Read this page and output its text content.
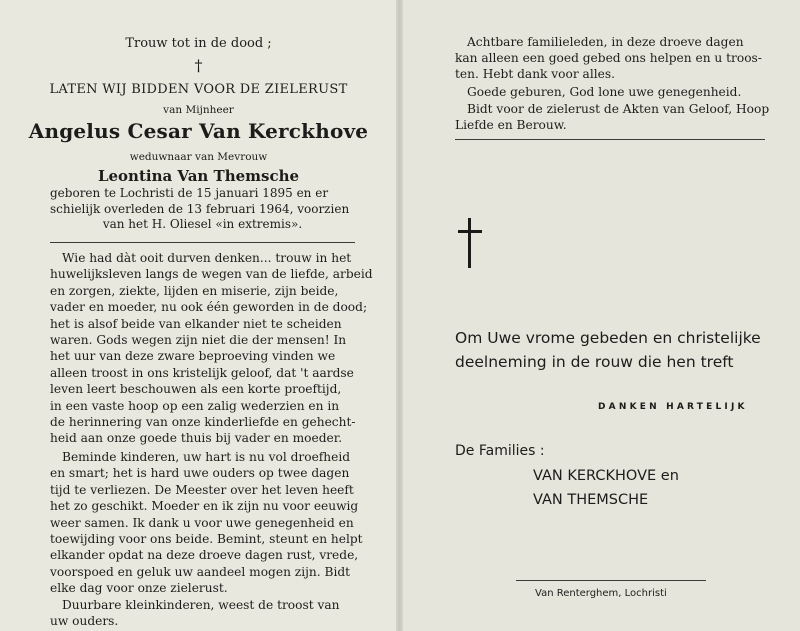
Trouw tot in de dood ;
†
LATEN WIJ BIDDEN VOOR DE ZIELERUST
van Mijnheer
Angelus Cesar Van Kerckhove
weduwnaar van Mevrouw
Leontina Van Themsche
geboren te Lochristi de 15 januari 1895 en er
schielijk overleden de 13 februari 1964, voorzien
van het H. Oliesel «in extremis».
Wie had dàt ooit durven denken... trouw in het
huwelijksleven langs de wegen van de liefde, arbeid
en zorgen, ziekte, lijden en miserie, zijn beide,
vader en moeder, nu ook één geworden in de dood;
het is alsof beide van elkander niet te scheiden
waren. Gods wegen zijn niet die der mensen! In
het uur van deze zware beproeving vinden we
alleen troost in ons kristelijk geloof, dat 't aardse
leven leert beschouwen als een korte proeftijd,
in een vaste hoop op een zalig wederzien en in
de herinnering van onze kinderliefde en gehecht-
heid aan onze goede thuis bij vader en moeder.
Beminde kinderen, uw hart is nu vol droefheid
en smart; het is hard uwe ouders op twee dagen
tijd te verliezen. De Meester over het leven heeft
het zo geschikt. Moeder en ik zijn nu voor eeuwig
weer samen. Ik dank u voor uwe genegenheid en
toewijding voor ons beide. Bemint, steunt en helpt
elkander opdat na deze droeve dagen rust, vrede,
voorspoed en geluk uw aandeel mogen zijn. Bidt
elke dag voor onze zielerust.
Duurbare kleinkinderen, weest de troost van
uw ouders.
Achtbare familieleden, in deze droeve dagen
kan alleen een goed gebed ons helpen en u troos-
ten. Hebt dank voor alles.
Goede geburen, God lone uwe genegenheid.
Bidt voor de zielerust de Akten van Geloof, Hoop
Liefde en Berouw.
Om Uwe vrome gebeden en christelijke
deelneming in de rouw die hen treft
DANKEN HARTELIJK
De Families :
VAN KERCKHOVE en
VAN THEMSCHE
Van Renterghem, Lochristi
